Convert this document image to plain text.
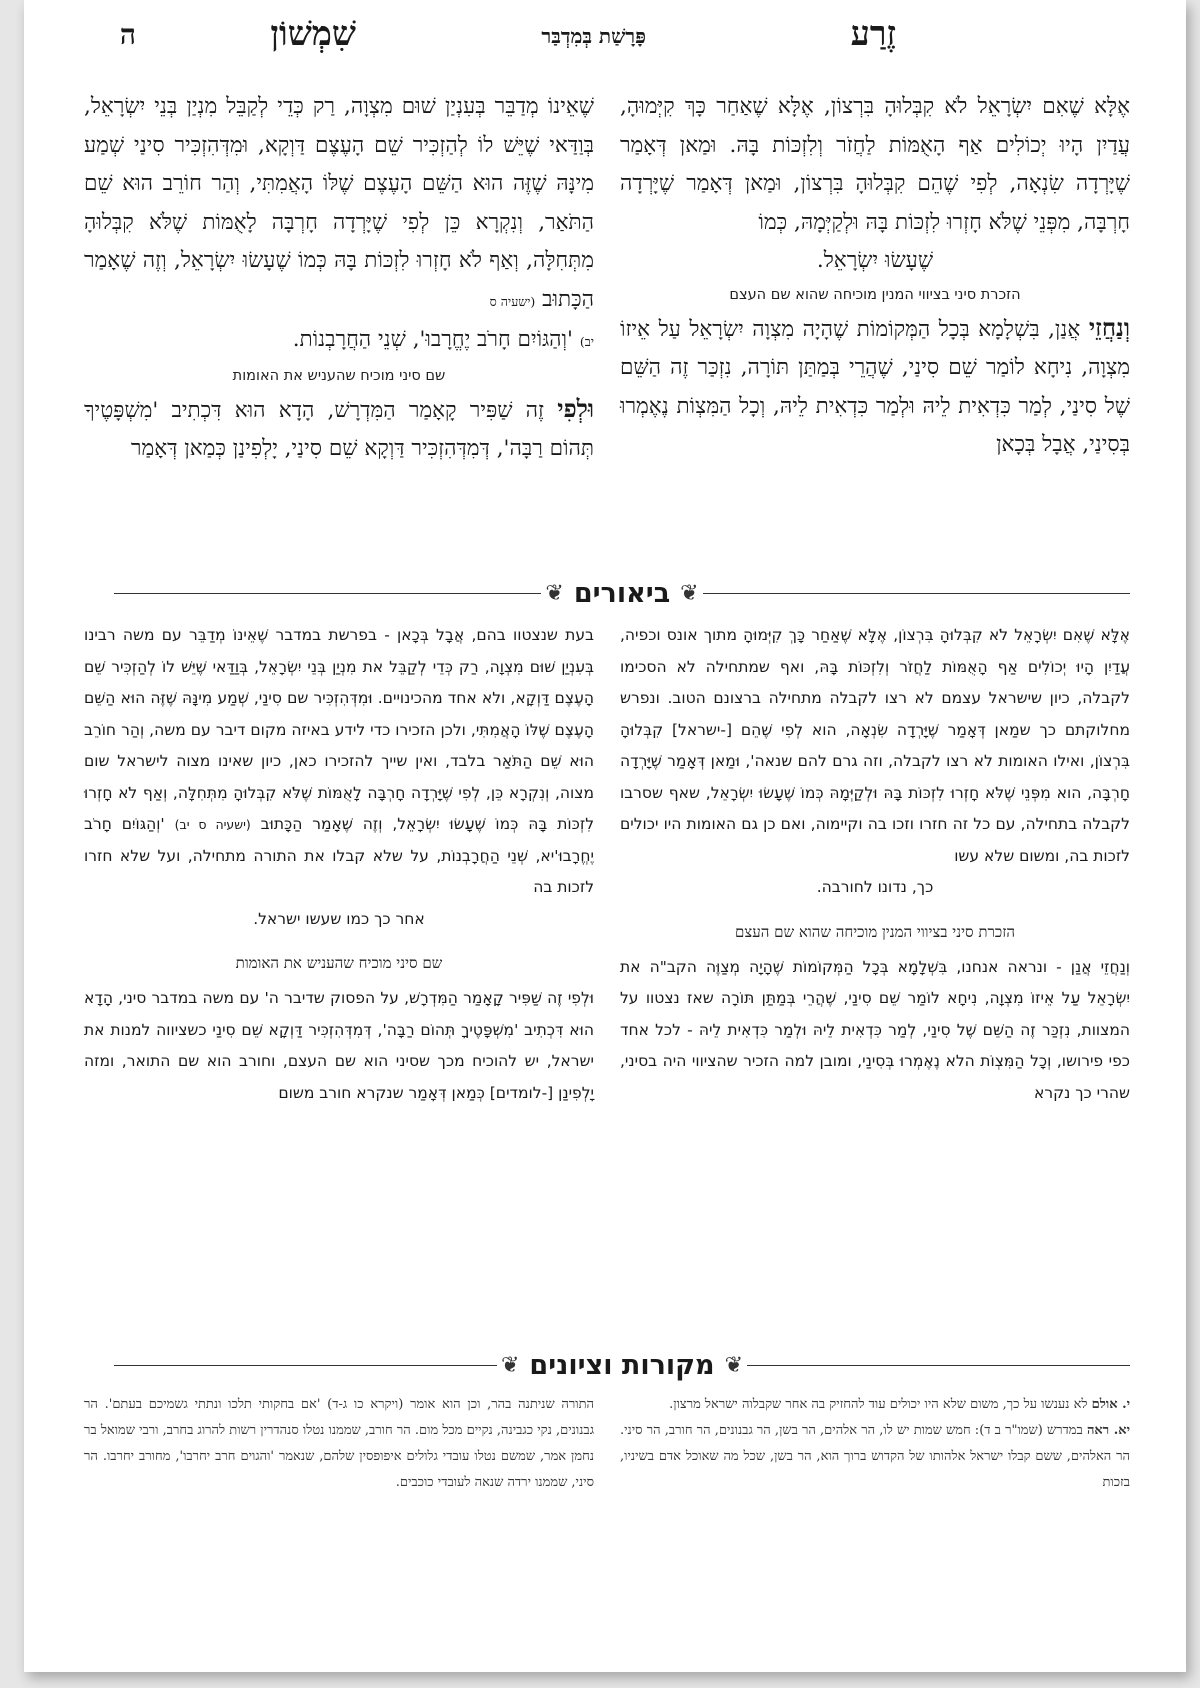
זֶרַע
פָּרָשַׁת בְּמִדְבַּר
שִׁמְשׁוֹן
ה

אֶלָּא שֶׁאִם יִשְׂרָאֵל לֹא קִבְּלוּהָ בִּרְצוֹן, אֶלָּא שֶׁאַחַר כָּךְ קִיְּמוּהָ, עֲדַיִן הָיוּ יְכוֹלִים אַף הָאֻמּוֹת לַחֲזֹר וְלִזְכּוֹת בָּהּ. וּמַאן דְּאָמַר שֶׁיָּרְדָה שִׂנְאָה, לְפִי שֶׁהֵם קִבְּלוּהָ בִּרְצוֹן, וּמַאן דְּאָמַר שֶׁיָּרְדָה חָרְבָּה, מִפְּנֵי שֶׁלֹּא חָזְרוּ לִזְכּוֹת בָּהּ וּלְקַיְּמָהּ, כְּמוֹ

שֶׁעָשׂוּ יִשְׂרָאֵל.

הזכרת סיני בציווי המנין מוכיחה שהוא שם העצם

וְנַחֲזֵי אֲנַן, בִּשְׁלָמָא בְּכָל הַמְּקוֹמוֹת שֶׁהָיָה מִצְוָה יִשְׂרָאֵל עַל אֵיזוֹ מִצְוָה, נִיחָא לוֹמַר שֵׁם סִינַי, שֶׁהֲרֵי בְּמַתַּן תּוֹרָה, נִזְכַּר זֶה הַשֵּׁם שֶׁל סִינַי, לְמַר כִּדְאִית לֵיהּ וּלְמַר כִּדְאִית לֵיהּ, וְכָל הַמִּצְוֹת נֶאֶמְרוּ בְּסִינַי, אֲבָל בְּכָאן

שֶׁאֵינוֹ מְדַבֵּר בְּעִנְיַן שׁוּם מִצְוָה, רַק כְּדֵי לְקַבֵּל מִנְיַן בְּנֵי יִשְׂרָאֵל, בְּוַדַּאי שֶׁיֵּשׁ לוֹ לְהַזְכִּיר שֵׁם הָעֶצֶם דַּוְקָא, וּמִדְּהִזְכִּיר סִינַי שְׁמַע מִינָּהּ שֶׁזֶּה הוּא הַשֵּׁם הָעֶצֶם שֶׁלּוֹ הָאֲמִתִּי, וְהַר חוֹרֵב הוּא שֵׁם הַתֹּאַר, וְנִקְרָא כֵּן לְפִי שֶׁיָּרְדָה חָרְבָּה לָאֻמּוֹת שֶׁלֹּא קִבְּלוּהָ מִתְּחִלָּה, וְאַף לֹא חָזְרוּ לִזְכּוֹת בָּהּ כְּמוֹ שֶׁעָשׂוּ יִשְׂרָאֵל, וְזֶה שֶׁאָמַר הַכָּתוּב (ישעיה ס

יב) 'וְהַגּוֹיִם חָרֹב יֶחֱרָבוּ', שְׁנֵי הַחֲרָבְנוֹת.

שם סיני מוכיח שהעניש את האומות

וּלְפִי זֶה שַׁפִּיר קָאָמַר הַמִּדְרָשׁ, הָדָא הוּא דִּכְתִיב 'מִשְׁפָּטֶיךָ תְּהוֹם רַבָּה', דְּמִדְּהִזְכִּיר דַּוְקָא שֵׁם סִינַי, יָלְפִינַן כְּמַאן דְּאָמַר

❦
ביאורים
❦

אֶלָּא שֶׁאִם יִשְׂרָאֵל לֹא קִבְּלוּהָ בִּרְצוֹן, אֶלָּא שֶׁאַחַר כָּךְ קִיְּמוּהָ מתוך אונס וכפיה, עֲדַיִן הָיוּ יְכוֹלִים אַף הָאֻמּוֹת לַחֲזֹר וְלִזְכּוֹת בָּהּ, ואף שמתחילה לא הסכימו לקבלה, כיון שישראל עצמם לא רצו לקבלה מתחילה ברצונם הטוב. ונפרש מחלוקתם כך שמַאן דְּאָמַר שֶׁיָּרְדָה שִׂנְאָה, הוא לְפִי שֶׁהֵם [-ישראל] קִבְּלוּהָ בִּרְצוֹן, ואילו האומות לא רצו לקבלה, וזה גרם להם שנאה', וּמַאן דְּאָמַר שֶׁיָּרְדָה חָרְבָּה, הוא מִפְּנֵי שֶׁלֹּא חָזְרוּ לִזְכּוֹת בָּהּ וּלְקַיְּמָהּ כְּמוֹ שֶׁעָשׂוּ יִשְׂרָאֵל, שאף שסרבו לקבלה בתחילה, עם כל זה חזרו וזכו בה וקיימוה, ואם כן גם האומות היו יכולים לזכות בה, ומשום שלא עשו

כך, נדונו לחורבה.

הזכרת סיני בציווי המנין מוכיחה שהוא שם העצם

וְנַחֲזֵי אֲנַן - ונראה אנחנו, בִּשְׁלָמָא בְּכָל הַמְּקוֹמוֹת שֶׁהָיָה מְצַוֶּה הקב"ה את יִשְׂרָאֵל עַל אֵיזוֹ מִצְוָה, נִיחָא לוֹמַר שֵׁם סִינַי, שֶׁהֲרֵי בְּמַתַּן תּוֹרָה שאז נצטוו על המצוות, נִזְכַּר זֶה הַשֵּׁם שֶׁל סִינַי, לְמַר כִּדְאִית לֵיהּ וּלְמַר כִּדְאִית לֵיהּ - לכל אחד כפי פירושו, וְכָל הַמִּצְוֹת הלא נֶאֶמְרוּ בְּסִינַי, ומובן למה הזכיר שהציווי היה בסיני, שהרי כך נקרא

בעת שנצטוו בהם, אֲבָל בְּכָאן - בפרשת במדבר שֶׁאֵינוֹ מְדַבֵּר עם משה רבינו בְּעִנְיַן שׁוּם מִצְוָה, רַק כְּדֵי לְקַבֵּל את מִנְיַן בְּנֵי יִשְׂרָאֵל, בְּוַדַּאי שֶׁיֵּשׁ לוֹ לְהַזְכִּיר שֵׁם הָעֶצֶם דַּוְקָא, ולא אחד מהכינויים. וּמִדְּהִזְכִּיר שם סִינַי, שְׁמַע מִינָּהּ שֶׁזֶּה הוּא הַשֵּׁם הָעֶצֶם שֶׁלּוֹ הָאֲמִתִּי, ולכן הזכירו כדי לידע באיזה מקום דיבר עם משה, וְהַר חוֹרֵב הוּא שֵׁם הַתֹּאַר בלבד, ואין שייך להזכירו כאן, כיון שאינו מצוה לישראל שום מצוה, וְנִקְרָא כֵּן, לְפִי שֶׁיָּרְדָה חָרְבָּה לָאֻמּוֹת שֶׁלֹּא קִבְּלוּהָ מִתְּחִלָּה, וְאַף לֹא חָזְרוּ לִזְכּוֹת בָּהּ כְּמוֹ שֶׁעָשׂוּ יִשְׂרָאֵל, וְזֶה שֶׁאָמַר הַכָּתוּב (ישעיה ס יב) 'וְהַגּוֹיִם חָרֹב יֶחֱרָבוּ'יא, שְׁנֵי הַחֲרָבְנוֹת, על שלא קבלו את התורה מתחילה, ועל שלא חזרו לזכות בה

אחר כך כמו שעשו ישראל.

שם סיני מוכיח שהעניש את האומות

וּלְפִי זֶה שַׁפִּיר קָאָמַר הַמִּדְרָשׁ, על הפסוק שדיבר ה' עם משה במדבר סיני, הָדָא הוּא דִּכְתִיב 'מִשְׁפָּטֶיךָ תְּהוֹם רַבָּה', דְּמִדְּהִזְכִּיר דַּוְקָא שֵׁם סִינַי כשציווה למנות את ישראל, יש להוכיח מכך שסיני הוא שם העצם, וחורב הוא שם התואר, ומזה יָלְפִינַן [-לומדים] כְּמַאן דְּאָמַר שנקרא חורב משום

❦
מקורות וציונים
❦

י. אולם לא נענשו על כך, משום שלא היו יכולים עוד להחזיק בה אחר שקבלוה ישראל מרצון.

יא. ראה במדרש (שמו"ר ב ד): חמש שמות יש לו, הר אלהים, הר בשן, הר גבנונים, הר חורב, הר סיני. הר האלהים, ששם קבלו ישראל אלהותו של הקדוש ברוך הוא, הר בשן, שכל מה שאוכל אדם בשיניו, בזכות

התורה שניתנה בהר, וכן הוא אומר (ויקרא כו ג-ד) 'אם בחקותי תלכו ונתתי גשמיכם בעתם'. הר גבנונים, נקי כגבינה, נקיים מכל מום. הר חורב, שממנו נטלו סנהדרין רשות להרוג בחרב, ורבי שמואל בר נחמן אמר, שמשם נטלו עובדי גלולים איפופסין שלהם, שנאמר 'והגוים חרב יחרבו', מחורב יחרבו. הר סיני, שממנו ירדה שנאה לעובדי כוכבים.
